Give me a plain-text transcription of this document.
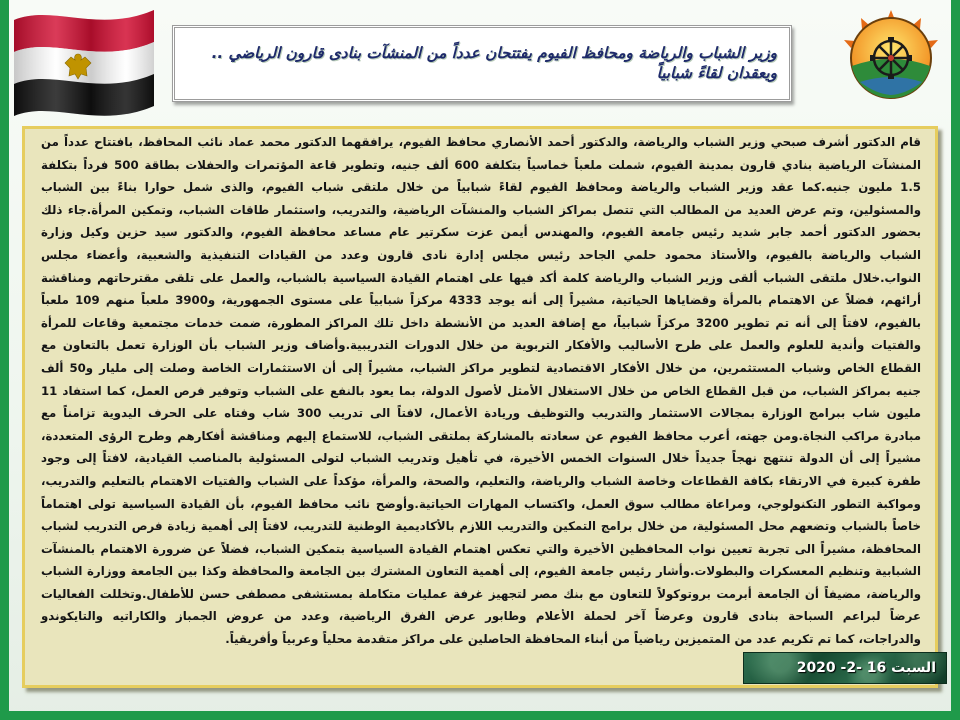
وزير الشباب والرياضة ومحافظ الفيوم يفتتحان عدداً من المنشآت بنادى قارون الرياضي ..
ويعقدان لقاءً شبابياً
قام الدكتور أشرف صبحي وزير الشباب والرياضة، والدكتور أحمد الأنصاري محافظ الفيوم، يرافقهما الدكتور محمد عماد نائب المحافظ، بافتتاح عدداً من
المنشآت الرياضية بنادي قارون بمدينة الفيوم، شملت ملعباً خماسياً بتكلفة 600 ألف جنيه، وتطوير قاعة المؤتمرات والحفلات بطاقة 500 فرداً بتكلفة
1.5 مليون جنيه.كما عقد وزير الشباب والرياضة ومحافظ الفيوم لقاءً شبابياً من خلال ملتقى شباب الفيوم، والذى شمل حوارا بناءً بين الشباب
والمسئولين، وتم عرض العديد من المطالب التي تتصل بمراكز الشباب والمنشآت الرياضية، والتدريب، واستثمار طاقات الشباب، وتمكين المرأة.جاء ذلك
بحضور الدكتور أحمد جابر شديد رئيس جامعة الفيوم، والمهندس أيمن عزت سكرتير عام مساعد محافظة الفيوم، والدكتور سيد حزين وكيل وزارة
الشباب والرياضة بالفيوم، والأستاذ محمود حلمي الجاحد رئيس مجلس إدارة نادى قارون وعدد من القيادات التنفيذية والشعبية، وأعضاء مجلس
النواب.خلال ملتقى الشباب ألقى وزير الشباب والرياضة كلمة أكد فيها على اهتمام القيادة السياسية بالشباب، والعمل على تلقى مقترحاتهم ومناقشة
أرائهم، فضلاً عن الاهتمام بالمرأة وقضاياها الحياتية، مشيراً إلى أنه يوجد 4333 مركزاً شبابياً على مستوى الجمهورية، و3900 ملعباً منهم 109 ملعباً
بالفيوم، لافتاً إلى أنه تم تطوير 3200 مركزاً شبابياً، مع إضافة العديد من الأنشطة داخل تلك المراكز المطورة، ضمت خدمات مجتمعية وقاعات للمرأة
والفتيات وأندية للعلوم والعمل على طرح الأساليب والأفكار التربوية من خلال الدورات التدريبية.وأضاف وزير الشباب بأن الوزارة تعمل بالتعاون مع
القطاع الخاص وشباب المستثمرين، من خلال الأفكار الاقتصادية لتطوير مراكز الشباب، مشيراً إلى أن الاستثمارات الخاصة وصلت إلى مليار و50 ألف
جنيه بمراكز الشباب، من قبل القطاع الخاص من خلال الاستغلال الأمثل لأصول الدولة، بما يعود بالنفع على الشباب وتوفير فرص العمل، كما استفاد 11
مليون شاب ببرامج الوزارة بمجالات الاستثمار والتدريب والتوظيف وريادة الأعمال، لافتاً الى تدريب 300 شاب وفتاه على الحرف اليدوية تزامناً مع
مبادرة مراكب النجاة.ومن جهته، أعرب محافظ الفيوم عن سعادته بالمشاركة بملتقى الشباب، للاستماع إليهم ومناقشة أفكارهم وطرح الرؤى المتعددة،
مشيراً إلى أن الدولة تنتهج نهجاً جديداً خلال السنوات الخمس الأخيرة، في تأهيل وتدريب الشباب لتولى المسئولية بالمناصب القيادية، لافتاً إلى وجود
طفرة كبيرة في الارتقاء بكافة القطاعات وخاصة الشباب والرياضة، والتعليم، والصحة، والمرأة، مؤكداً على الشباب والفتيات الاهتمام بالتعليم والتدريب،
ومواكبة التطور التكنولوجي، ومراعاة مطالب سوق العمل، واكتساب المهارات الحياتية.وأوضح نائب محافظ الفيوم، بأن القيادة السياسية تولى اهتماماً
خاصاً بالشباب وتضعهم محل المسئولية، من خلال برامج التمكين والتدريب اللازم بالأكاديمية الوطنية للتدريب، لافتاً إلى أهمية زيادة فرص التدريب لشباب
المحافظة، مشيراً الى تجربة تعيين نواب المحافظين الأخيرة والتي تعكس اهتمام القيادة السياسية بتمكين الشباب، فضلاً عن ضرورة الاهتمام بالمنشآت
الشبابية وتنظيم المعسكرات والبطولات.وأشار رئيس جامعة الفيوم، إلى أهمية التعاون المشترك بين الجامعة والمحافظة وكذا بين الجامعة ووزارة الشباب
والرياضة، مضيفاً أن الجامعة أبرمت بروتوكولاً للتعاون مع بنك مصر لتجهيز غرفة عمليات متكاملة بمستشفى مصطفى حسن للأطفال.وتخللت الفعاليات
عرضاً لبراعم السباحة بنادى قارون وعرضاً آخر لحملة الأعلام وطابور عرض الفرق الرياضية، وعدد من عروض الجمباز والكاراتيه والتايكوندو
والدراجات، كما تم تكريم عدد من المتميزين رياضياً من أبناء المحافظة الحاصلين على مراكز متقدمة محلياً وعربياً وأفريقياً.
السبت 16 -2- 2020
